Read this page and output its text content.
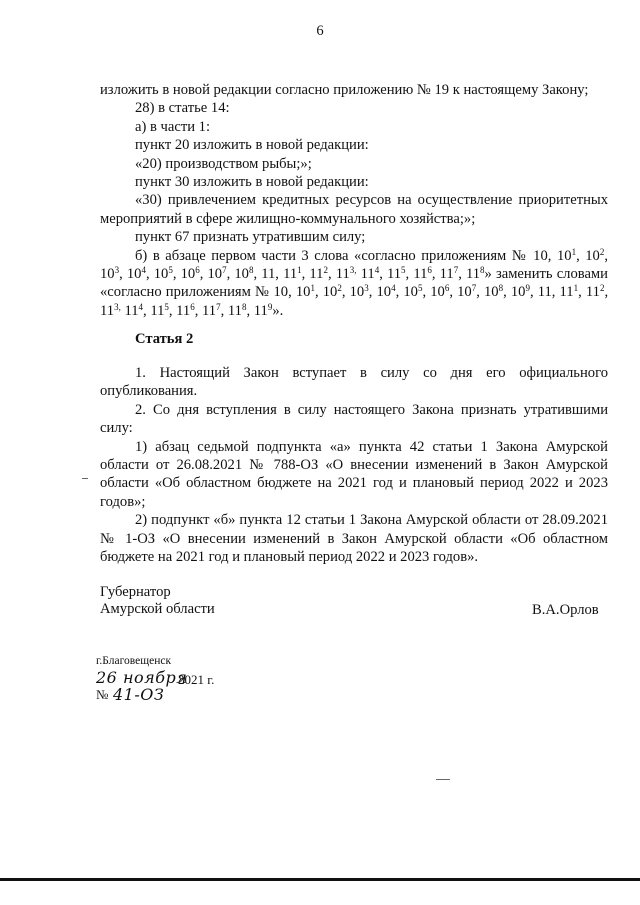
6

изложить в новой редакции согласно приложению № 19 к настоящему Закону;

28) в статье 14:

а) в части 1:

пункт 20 изложить в новой редакции:

«20) производством рыбы;»;

пункт 30 изложить в новой редакции:

«30) привлечением кредитных ресурсов на осуществление приоритетных мероприятий в сфере жилищно-коммунального хозяйства;»;

пункт 67 признать утратившим силу;

б) в абзаце первом части 3 слова «согласно приложениям № 10, $10^1$, $10^2$, $10^3$, $10^4$, $10^5$, $10^6$, $10^7$, $10^8$, 11, $11^1$, $11^2$, $11^{3,}$ $11^4$, $11^5$, $11^6$, $11^7$, $11^8$» заменить словами «согласно приложениям № 10, $10^1$, $10^2$, $10^3$, $10^4$, $10^5$, $10^6$, $10^7$, $10^8$, $10^9$, 11, $11^1$, $11^2$, $11^{3,}$ $11^4$, $11^5$, $11^6$, $11^7$, $11^8$, $11^9$».

Статья 2

1. Настоящий Закон вступает в силу со дня его официального опубликования.

2. Со дня вступления в силу настоящего Закона признать утратившими силу:

1) абзац седьмой подпункта «а» пункта 42 статьи 1 Закона Амурской области от 26.08.2021 № 788-ОЗ «О внесении изменений в Закон Амурской области «Об областном бюджете на 2021 год и плановый период 2022 и 2023 годов»;

2) подпункт «б» пункта 12 статьи 1 Закона Амурской области от 28.09.2021 № 1-ОЗ «О внесении изменений в Закон Амурской области «Об областном бюджете на 2021 год и плановый период 2022 и 2023 годов».

Губернатор
Амурской области	В.А.Орлов
г.Благовещенск
26 ноября
2021 г.
№ 41-ОЗ
